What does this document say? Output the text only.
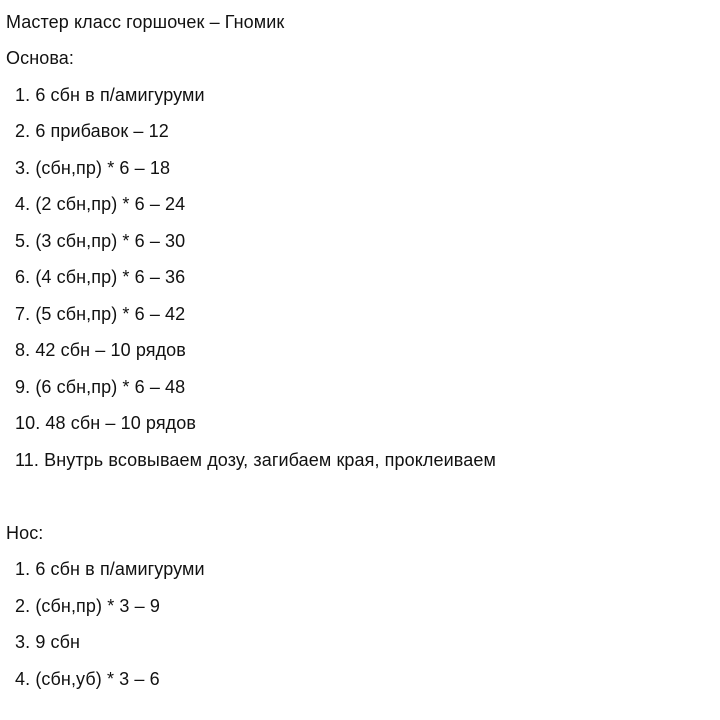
Мастер класс горшочек – Гномик
Основа:
1. 6 сбн в п/амигуруми
2. 6 прибавок – 12
3. (сбн,пр) * 6 – 18
4. (2 сбн,пр) * 6 – 24
5. (3 сбн,пр) * 6 – 30
6. (4 сбн,пр) * 6 – 36
7. (5 сбн,пр) * 6 – 42
8. 42 сбн – 10 рядов
9. (6 сбн,пр) * 6 – 48
10. 48 сбн – 10 рядов
11. Внутрь всовываем дозу, загибаем края, проклеиваем
Нос:
1. 6 сбн в п/амигуруми
2. (сбн,пр) * 3 – 9
3. 9 сбн
4. (сбн,уб) * 3 – 6
